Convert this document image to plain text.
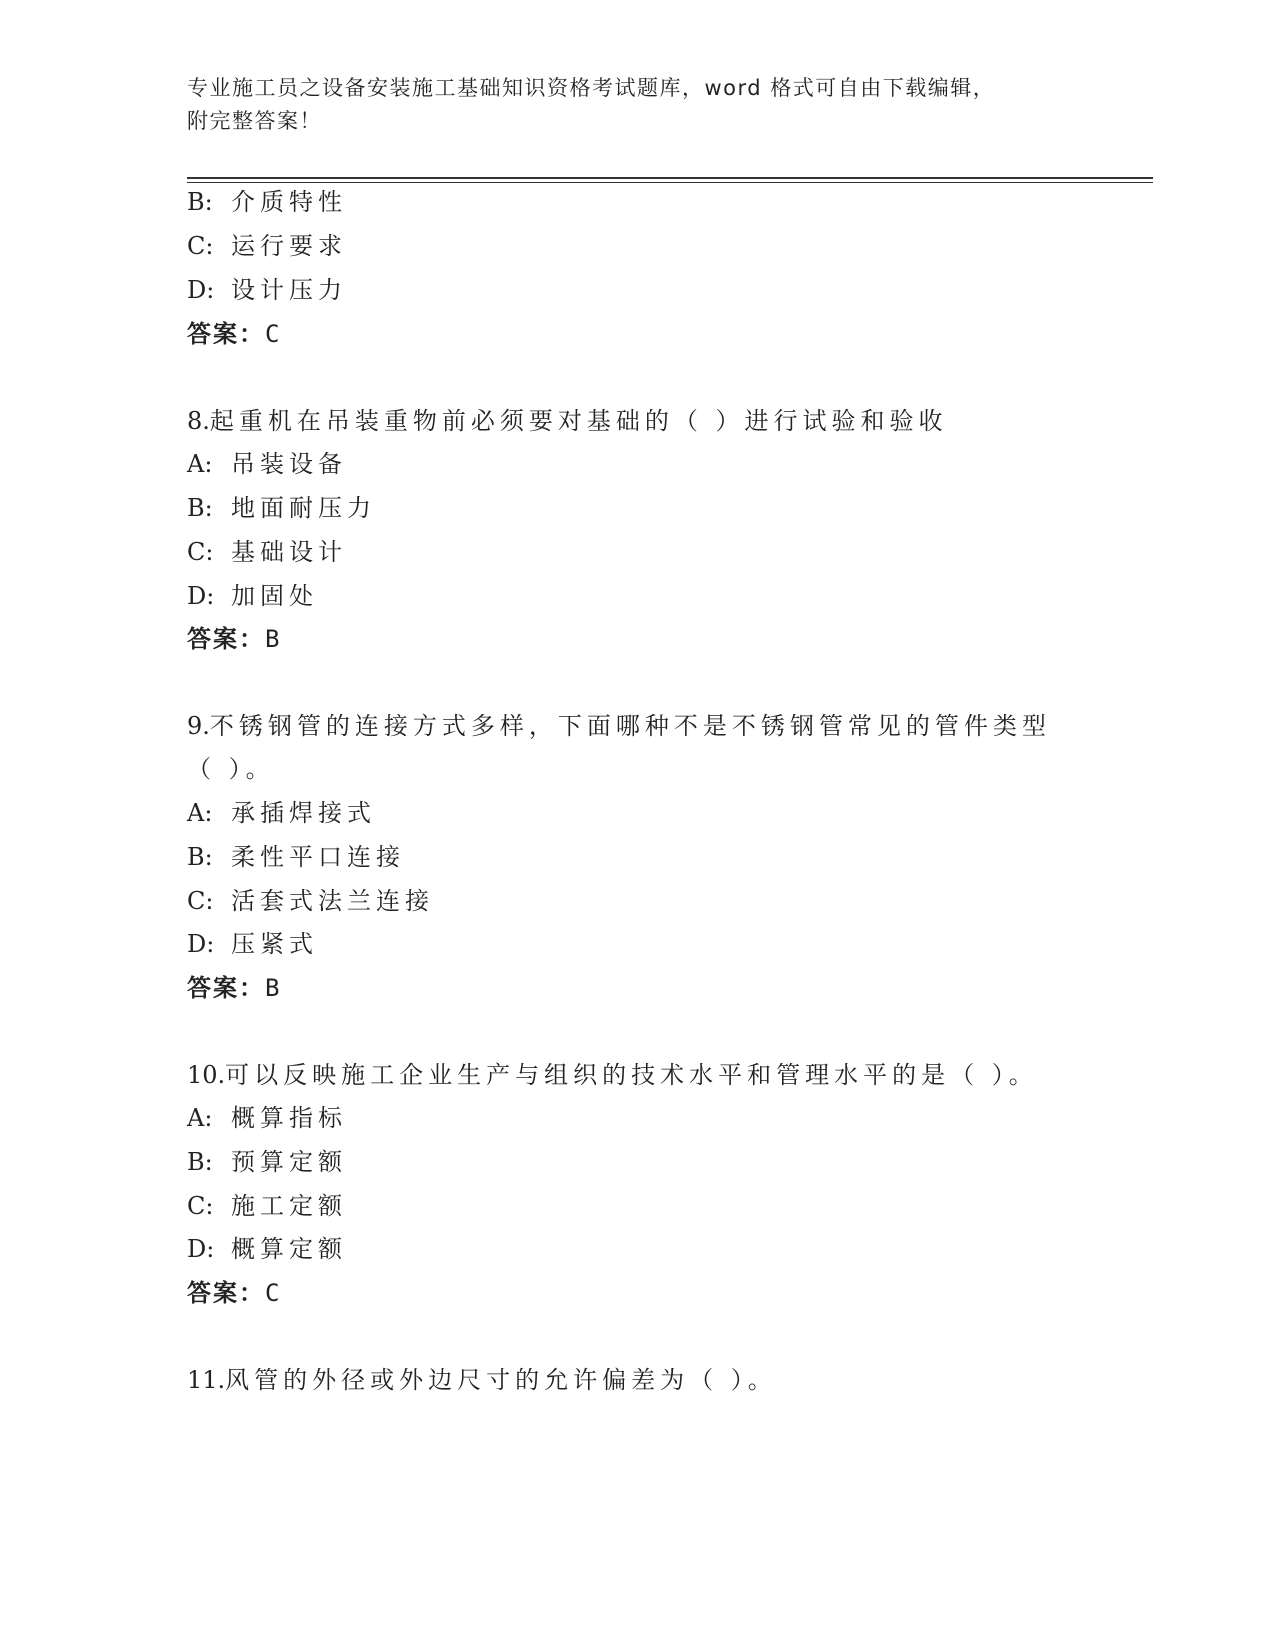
专业施工员之设备安装施工基础知识资格考试题库，word 格式可自由下载编辑，
附完整答案！
B: 介质特性
C: 运行要求
D: 设计压力
答案：C
8.起重机在吊装重物前必须要对基础的（ ）进行试验和验收
A: 吊装设备
B: 地面耐压力
C: 基础设计
D: 加固处
答案：B
9.不锈钢管的连接方式多样，下面哪种不是不锈钢管常见的管件类型
（ ）。
A: 承插焊接式
B: 柔性平口连接
C: 活套式法兰连接
D: 压紧式
答案：B
10.可以反映施工企业生产与组织的技术水平和管理水平的是（ ）。
A: 概算指标
B: 预算定额
C: 施工定额
D: 概算定额
答案：C
11.风管的外径或外边尺寸的允许偏差为（ ）。
